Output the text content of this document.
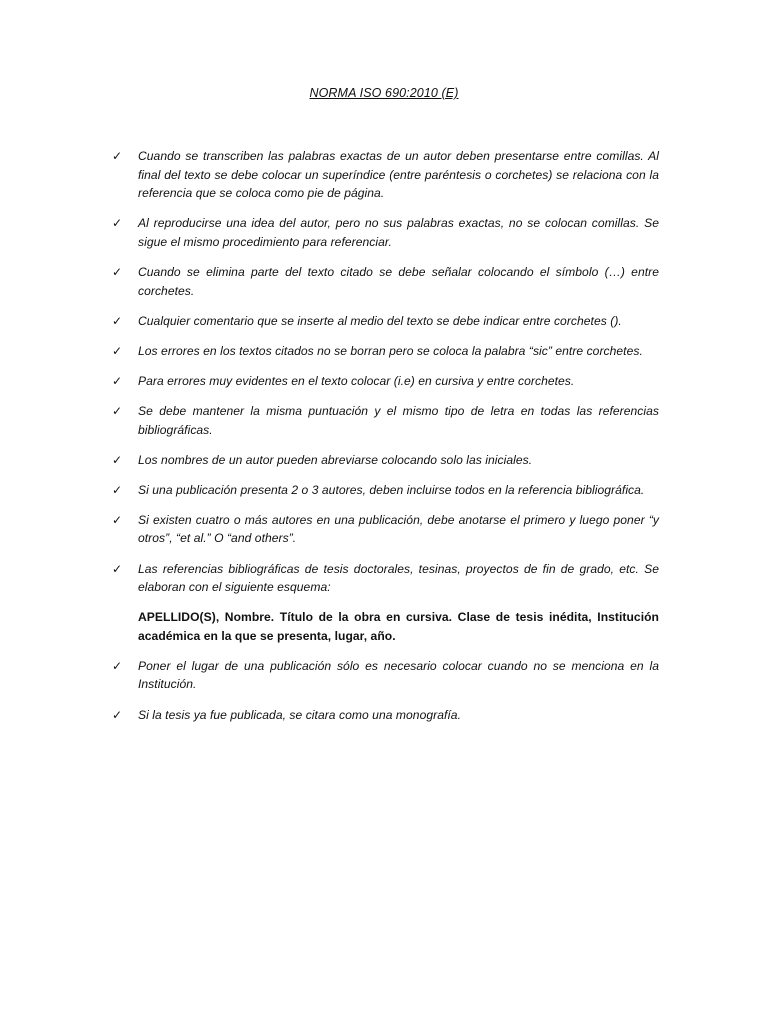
NORMA ISO 690:2010 (E)
✓ Cuando se transcriben las palabras exactas de un autor deben presentarse entre comillas. Al final del texto se debe colocar un superíndice (entre paréntesis o corchetes) se relaciona con la referencia que se coloca como pie de página.
✓ Al reproducirse una idea del autor, pero no sus palabras exactas, no se colocan comillas. Se sigue el mismo procedimiento para referenciar.
✓ Cuando se elimina parte del texto citado se debe señalar colocando el símbolo (…) entre corchetes.
✓ Cualquier comentario que se inserte al medio del texto se debe indicar entre corchetes ().
✓ Los errores en los textos citados no se borran pero se coloca la palabra “sic” entre corchetes.
✓ Para errores muy evidentes en el texto colocar (i.e) en cursiva y entre corchetes.
✓ Se debe mantener la misma puntuación y el mismo tipo de letra en todas las referencias bibliográficas.
✓ Los nombres de un autor pueden abreviarse colocando solo las iniciales.
✓ Si una publicación presenta 2 o 3 autores, deben incluirse todos en la referencia bibliográfica.
✓ Si existen cuatro o más autores en una publicación, debe anotarse el primero y luego poner “y otros”, “et al.” O “and others”.
✓ Las referencias bibliográficas de tesis doctorales, tesinas, proyectos de fin de grado, etc. Se elaboran con el siguiente esquema:
APELLIDO(S), Nombre. Título de la obra en cursiva. Clase de tesis inédita, Institución académica en la que se presenta, lugar, año.
✓ Poner el lugar de una publicación sólo es necesario colocar cuando no se menciona en la Institución.
✓ Si la tesis ya fue publicada, se citara como una monografía.
